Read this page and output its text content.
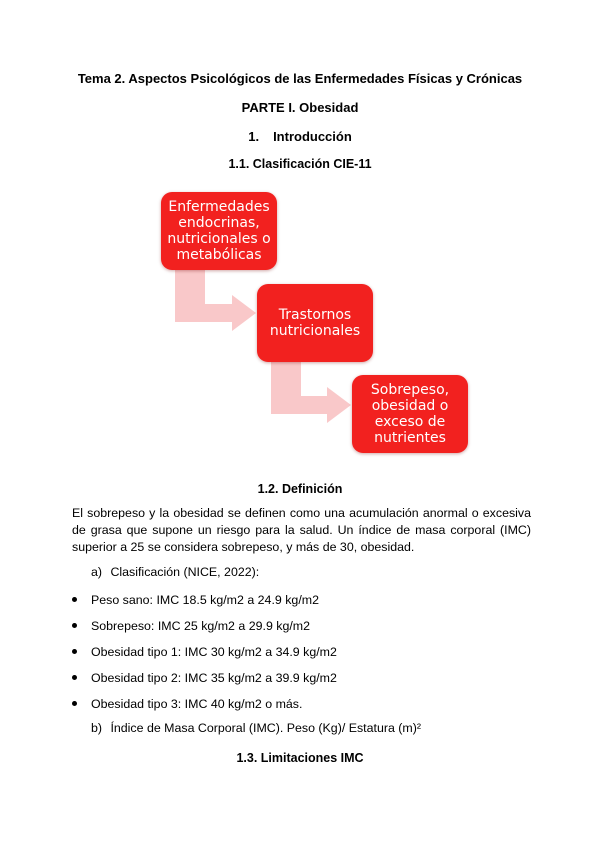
Tema 2. Aspectos Psicológicos de las Enfermedades Físicas y Crónicas
PARTE I. Obesidad
1. Introducción
1.1. Clasificación CIE-11
Enfermedades endocrinas, nutricionales o metabólicas
Trastornos nutricionales
Sobrepeso, obesidad o exceso de nutrientes
1.2. Definición
El sobrepeso y la obesidad se definen como una acumulación anormal o excesiva de grasa que supone un riesgo para la salud. Un índice de masa corporal (IMC) superior a 25 se considera sobrepeso, y más de 30, obesidad.
a) Clasificación (NICE, 2022):
Peso sano: IMC 18.5 kg/m2 a 24.9 kg/m2
Sobrepeso: IMC 25 kg/m2 a 29.9 kg/m2
Obesidad tipo 1: IMC 30 kg/m2 a 34.9 kg/m2
Obesidad tipo 2: IMC 35 kg/m2 a 39.9 kg/m2
Obesidad tipo 3: IMC 40 kg/m2 o más.
b) Índice de Masa Corporal (IMC). Peso (Kg)/ Estatura (m)²
1.3. Limitaciones IMC
